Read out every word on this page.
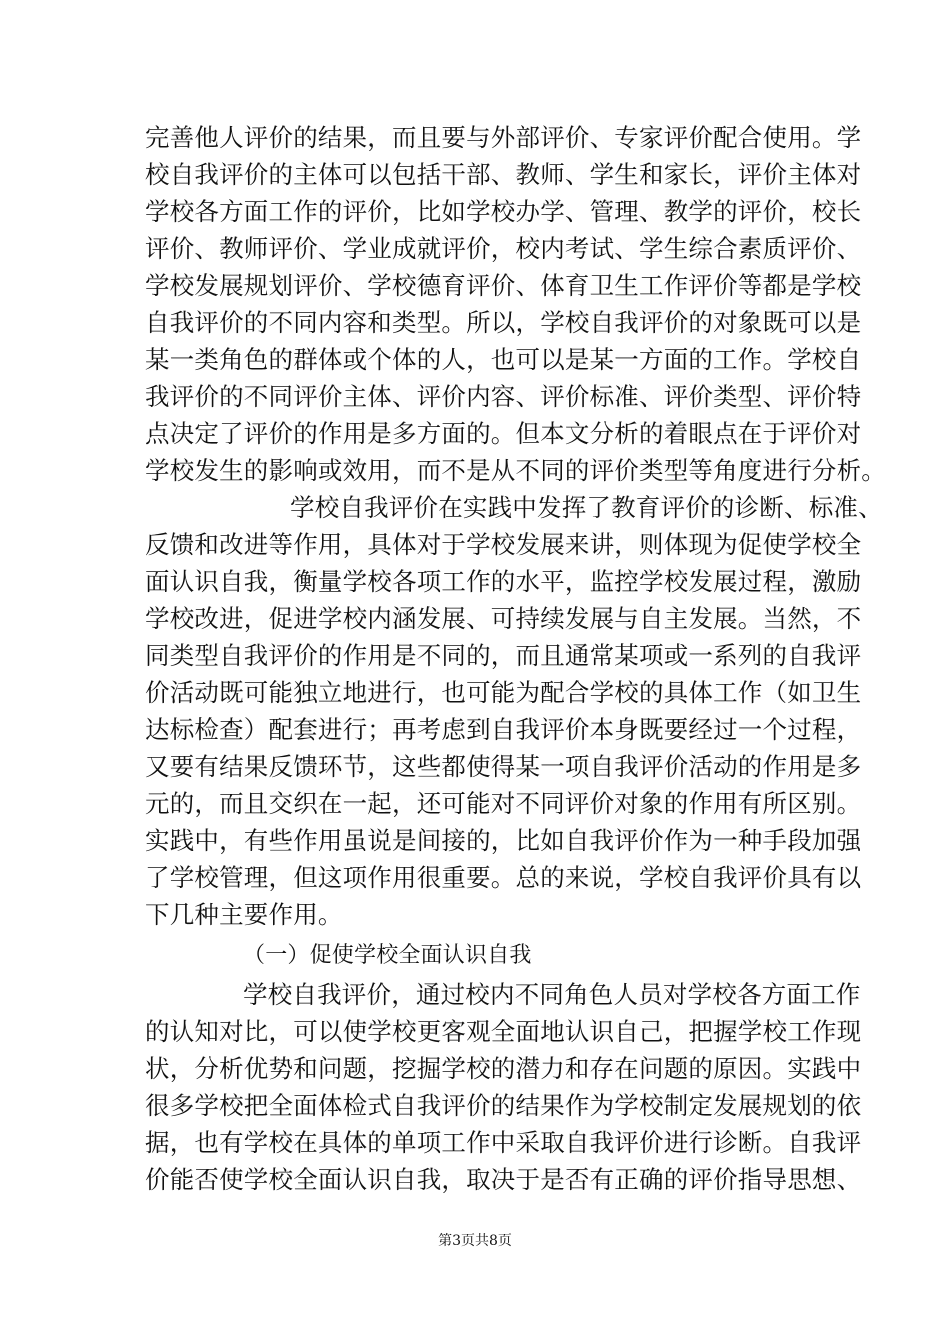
完善他人评价的结果，而且要与外部评价、专家评价配合使用。学
校自我评价的主体可以包括干部、教师、学生和家长，评价主体对
学校各方面工作的评价，比如学校办学、管理、教学的评价，校长
评价、教师评价、学业成就评价，校内考试、学生综合素质评价、
学校发展规划评价、学校德育评价、体育卫生工作评价等都是学校
自我评价的不同内容和类型。所以，学校自我评价的对象既可以是
某一类角色的群体或个体的人，也可以是某一方面的工作。学校自
我评价的不同评价主体、评价内容、评价标准、评价类型、评价特
点决定了评价的作用是多方面的。但本文分析的着眼点在于评价对
学校发生的影响或效用，而不是从不同的评价类型等角度进行分析。
学校自我评价在实践中发挥了教育评价的诊断、标准、
反馈和改进等作用，具体对于学校发展来讲，则体现为促使学校全
面认识自我，衡量学校各项工作的水平，监控学校发展过程，激励
学校改进，促进学校内涵发展、可持续发展与自主发展。当然，不
同类型自我评价的作用是不同的，而且通常某项或一系列的自我评
价活动既可能独立地进行，也可能为配合学校的具体工作（如卫生
达标检查）配套进行；再考虑到自我评价本身既要经过一个过程，
又要有结果反馈环节，这些都使得某一项自我评价活动的作用是多
元的，而且交织在一起，还可能对不同评价对象的作用有所区别。
实践中，有些作用虽说是间接的，比如自我评价作为一种手段加强
了学校管理，但这项作用很重要。总的来说，学校自我评价具有以
下几种主要作用。
（一）促使学校全面认识自我
学校自我评价，通过校内不同角色人员对学校各方面工作
的认知对比，可以使学校更客观全面地认识自己，把握学校工作现
状，分析优势和问题，挖掘学校的潜力和存在问题的原因。实践中
很多学校把全面体检式自我评价的结果作为学校制定发展规划的依
据，也有学校在具体的单项工作中采取自我评价进行诊断。自我评
价能否使学校全面认识自我，取决于是否有正确的评价指导思想、
第3页共8页
